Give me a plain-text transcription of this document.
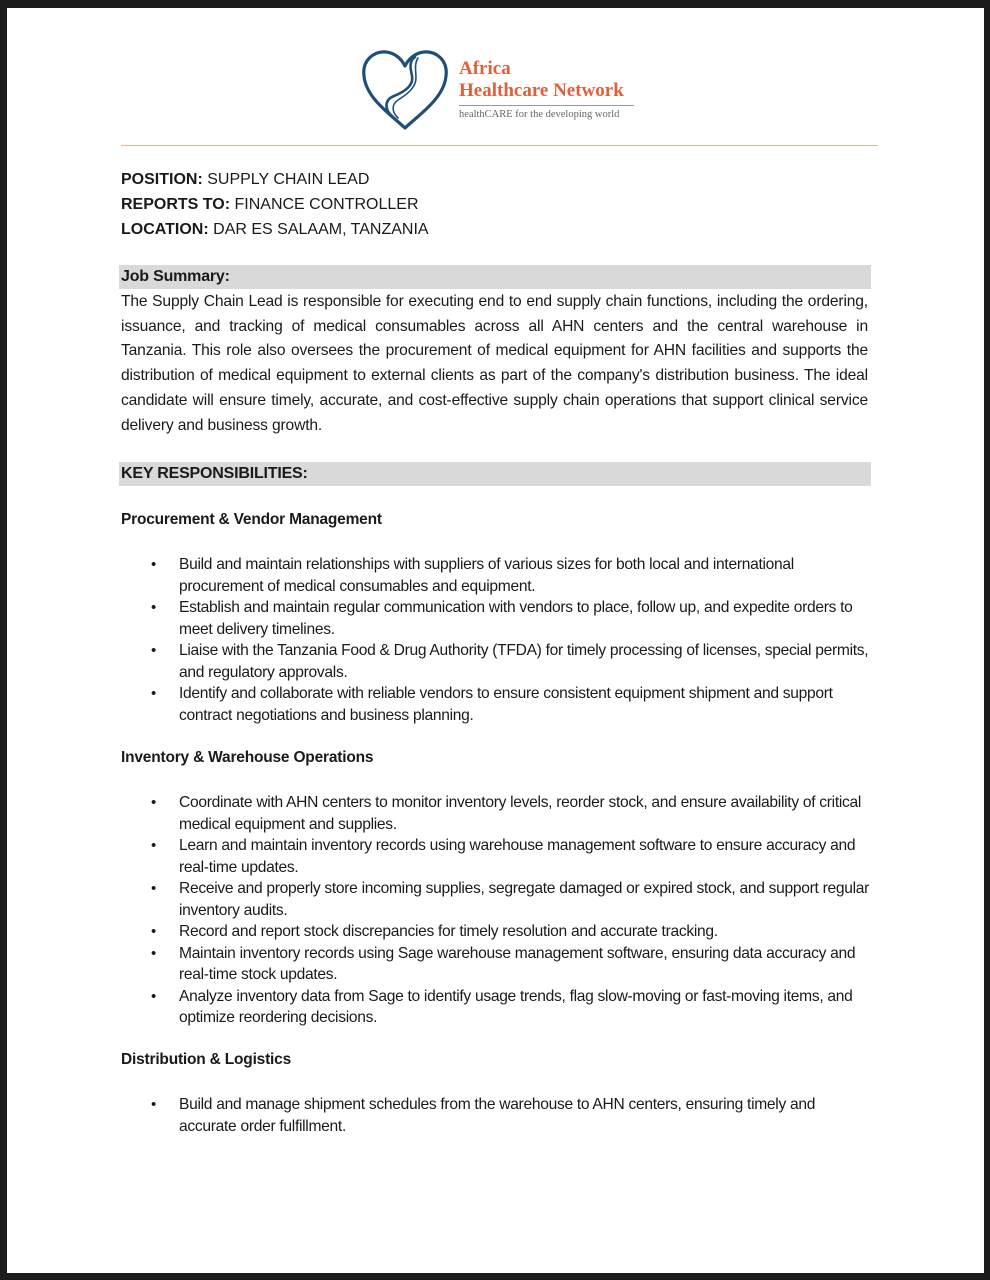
Africa
Healthcare Network
healthCARE for the developing world
POSITION: SUPPLY CHAIN LEAD
REPORTS TO: FINANCE CONTROLLER
LOCATION: DAR ES SALAAM, TANZANIA
Job Summary:
The Supply Chain Lead is responsible for executing end to end supply chain functions, including the ordering, issuance, and tracking of medical consumables across all AHN centers and the central warehouse in Tanzania. This role also oversees the procurement of medical equipment for AHN facilities and supports the distribution of medical equipment to external clients as part of the company's distribution business. The ideal candidate will ensure timely, accurate, and cost-effective supply chain operations that support clinical service delivery and business growth.
KEY RESPONSIBILITIES:
Procurement & Vendor Management
• Build and maintain relationships with suppliers of various sizes for both local and international procurement of medical consumables and equipment.
• Establish and maintain regular communication with vendors to place, follow up, and expedite orders to meet delivery timelines.
• Liaise with the Tanzania Food & Drug Authority (TFDA) for timely processing of licenses, special permits, and regulatory approvals.
• Identify and collaborate with reliable vendors to ensure consistent equipment shipment and support contract negotiations and business planning.
Inventory & Warehouse Operations
• Coordinate with AHN centers to monitor inventory levels, reorder stock, and ensure availability of critical medical equipment and supplies.
• Learn and maintain inventory records using warehouse management software to ensure accuracy and real-time updates.
• Receive and properly store incoming supplies, segregate damaged or expired stock, and support regular inventory audits.
• Record and report stock discrepancies for timely resolution and accurate tracking.
• Maintain inventory records using Sage warehouse management software, ensuring data accuracy and real-time stock updates.
• Analyze inventory data from Sage to identify usage trends, flag slow-moving or fast-moving items, and optimize reordering decisions.
Distribution & Logistics
• Build and manage shipment schedules from the warehouse to AHN centers, ensuring timely and accurate order fulfillment.
